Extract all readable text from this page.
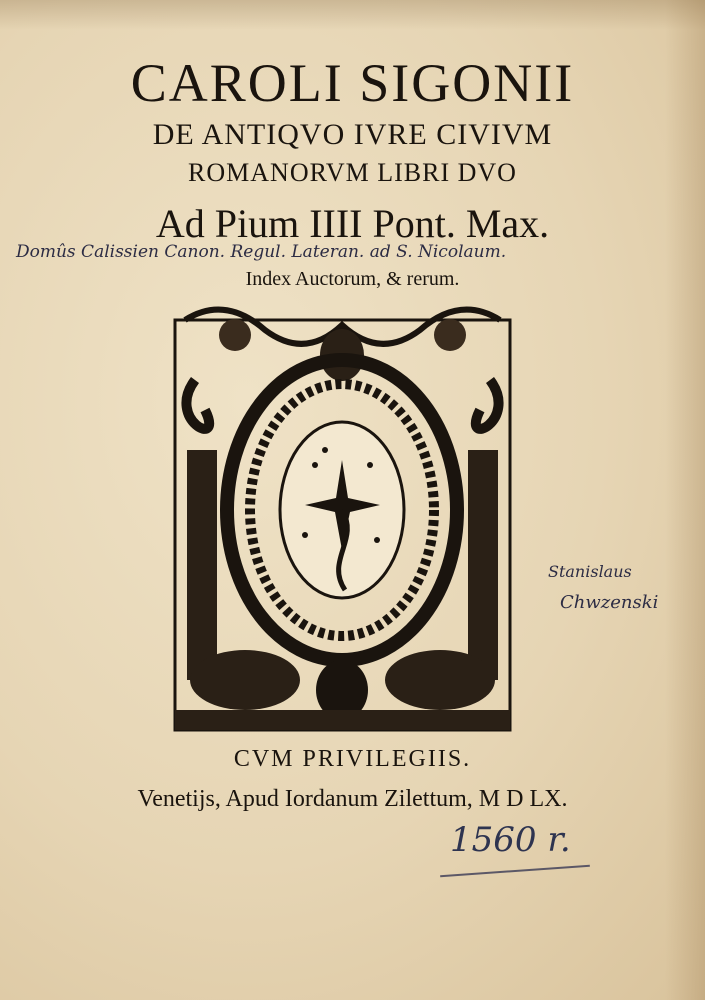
CAROLI SIGONII
DE ANTIQVO IVRE CIVIVM
ROMANORVM LIBRI DVO
Ad Pium IIII Pont. Max.
Domûs Calissien Canon. Regul. Lateran. ad S. Nicolaum.
Index Auctorum, & rerum.
CVM PRIVILEGIIS.
Venetijs, Apud Iordanum Zilettum, M D LX.
Stanislaus
Chwzenski
1560 r.
